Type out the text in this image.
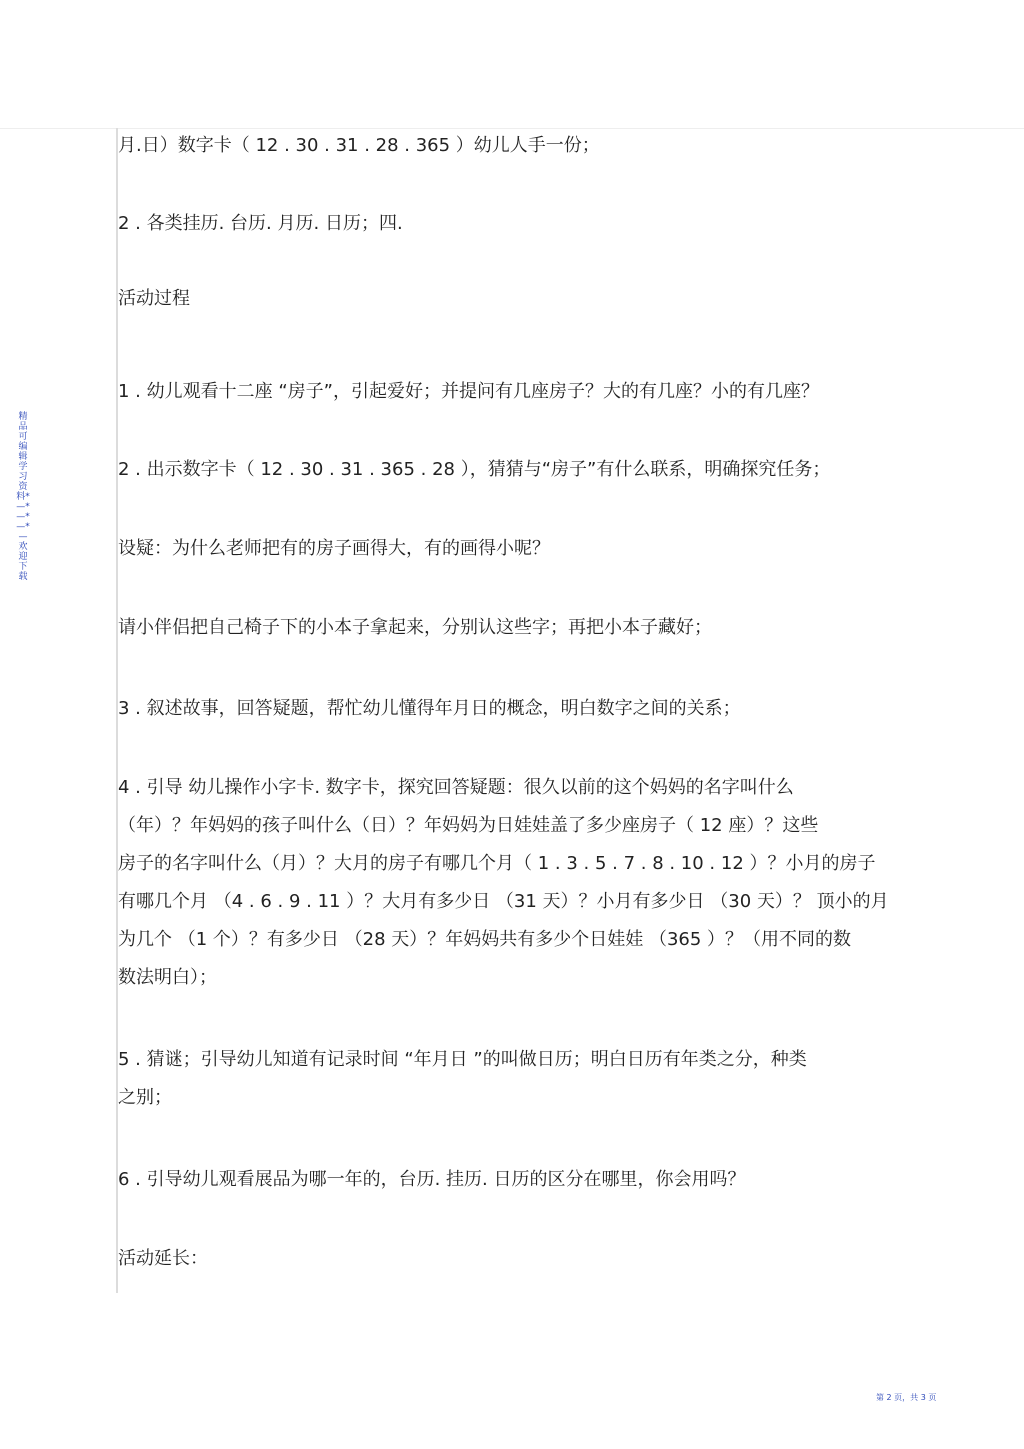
精品可编辑学习资料*—*—*—*—欢迎下载
月.日）数字卡（ 12 . 30 . 31 . 28 . 365 ）幼儿人手一份；
2 . 各类挂历. 台历. 月历. 日历；四.
活动过程
1 . 幼儿观看十二座 “房子”，引起爱好；并提问有几座房子？大的有几座？小的有几座？
2 . 出示数字卡（ 12 . 30 . 31 . 365 . 28 ），猜猜与“房子”有什么联系，明确探究任务；
设疑：为什么老师把有的房子画得大，有的画得小呢？
请小伴侣把自己椅子下的小本子拿起来，分别认这些字；再把小本子藏好；
3 . 叙述故事，回答疑题，帮忙幼儿懂得年月日的概念，明白数字之间的关系；
4 . 引导 幼儿操作小字卡. 数字卡，探究回答疑题：很久以前的这个妈妈的名字叫什么
（年）？年妈妈的孩子叫什么（日）？年妈妈为日娃娃盖了多少座房子（ 12 座）？这些
房子的名字叫什么（月）？大月的房子有哪几个月（ 1 . 3 . 5 . 7 . 8 . 10 . 12 ）？小月的房子
有哪几个月 （4 . 6 . 9 . 11 ）？大月有多少日 （31 天）？小月有多少日 （30 天）？ 顶小的月
为几个 （1 个）？有多少日 （28 天）？年妈妈共有多少个日娃娃 （365 ）？（用不同的数
数法明白）；
5 . 猜谜；引导幼儿知道有记录时间 “年月日 ”的叫做日历；明白日历有年类之分，种类
之别；
6 . 引导幼儿观看展品为哪一年的，台历. 挂历. 日历的区分在哪里，你会用吗？
活动延长：
第 2 页，共 3 页
